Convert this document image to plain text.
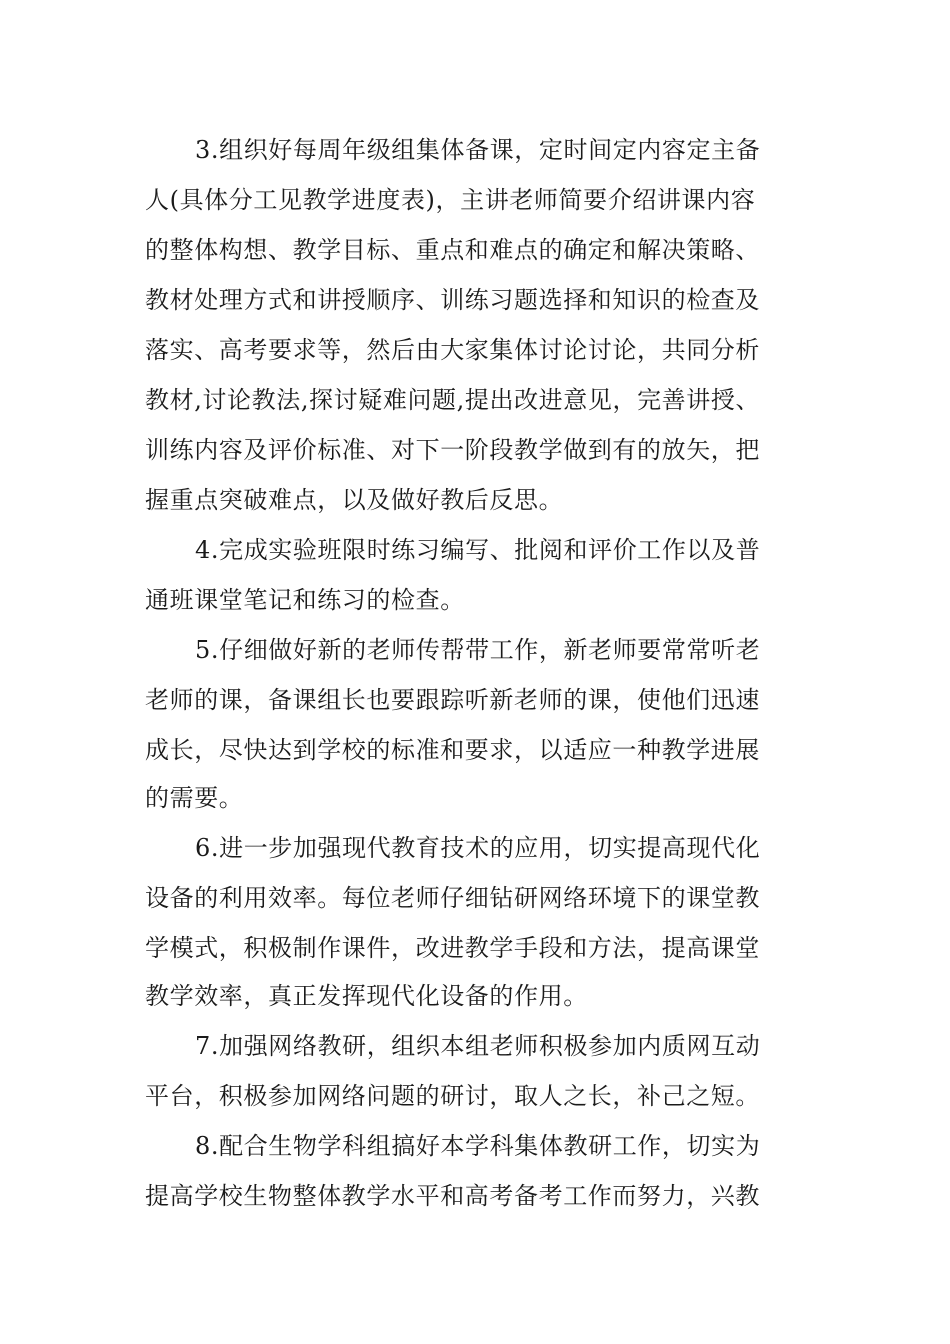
3.组织好每周年级组集体备课，定时间定内容定主备
人(具体分工见教学进度表)，主讲老师简要介绍讲课内容
的整体构想、教学目标、重点和难点的确定和解决策略、
教材处理方式和讲授顺序、训练习题选择和知识的检查及
落实、高考要求等，然后由大家集体讨论讨论，共同分析
教材,讨论教法,探讨疑难问题,提出改进意见，完善讲授、
训练内容及评价标准、对下一阶段教学做到有的放矢，把
握重点突破难点，以及做好教后反思。
4.完成实验班限时练习编写、批阅和评价工作以及普
通班课堂笔记和练习的检查。
5.仔细做好新的老师传帮带工作，新老师要常常听老
老师的课，备课组长也要跟踪听新老师的课，使他们迅速
成长，尽快达到学校的标准和要求，以适应一种教学进展
的需要。
6.进一步加强现代教育技术的应用，切实提高现代化
设备的利用效率。每位老师仔细钻研网络环境下的课堂教
学模式，积极制作课件，改进教学手段和方法，提高课堂
教学效率，真正发挥现代化设备的作用。
7.加强网络教研，组织本组老师积极参加内质网互动
平台，积极参加网络问题的研讨，取人之长，补己之短。
8.配合生物学科组搞好本学科集体教研工作，切实为
提高学校生物整体教学水平和高考备考工作而努力，兴教
